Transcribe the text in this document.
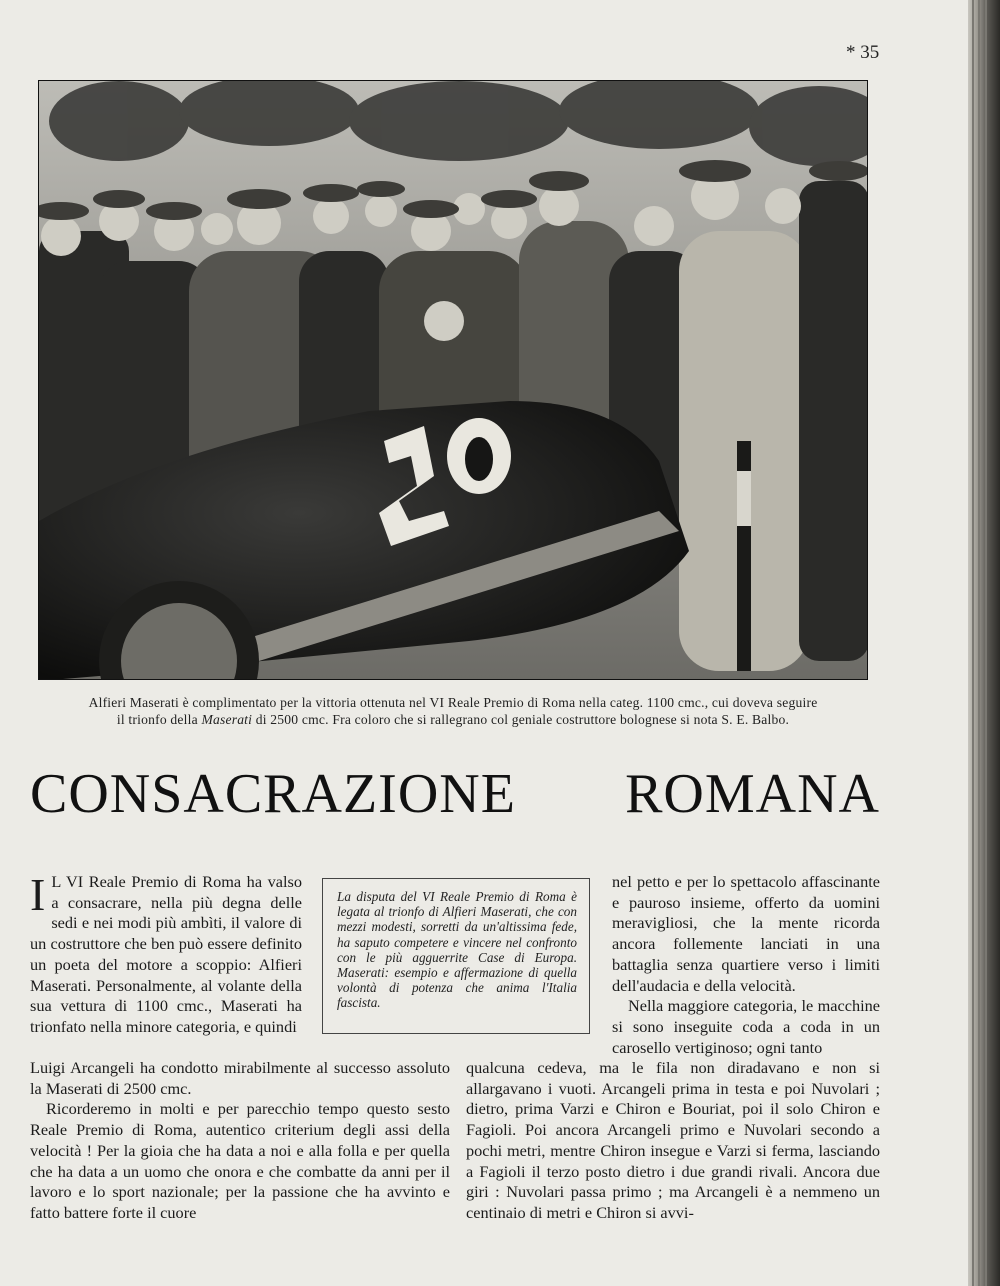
* 35
Alfieri Maserati è complimentato per la vittoria ottenuta nel VI Reale Premio di Roma nella categ. 1100 cmc., cui doveva seguire
il trionfo della Maserati di 2500 cmc. Fra coloro che si rallegrano col geniale costruttore bolognese si nota S. E. Balbo.
CONSACRAZIONE ROMANA
I L VI Reale Premio di Roma ha valso a consacrare, nella più degna delle sedi e nei modi più ambìti, il valore di un costruttore che ben può essere definito un poeta del motore a scoppio: Alfieri Maserati. Personalmente, al volante della sua vettura di 1100 cmc., Maserati ha trionfato nella minore categoria, e quindi
La disputa del VI Reale Premio di Roma è legata al trionfo di Alfieri Maserati, che con mezzi modesti, sorretti da un'altissima fede, ha saputo competere e vincere nel confronto con le più agguerrite Case di Europa. Maserati: esempio e affermazione di quella volontà di potenza che anima l'Italia fascista.

nel petto e per lo spettacolo affascinante e pauroso insieme, offerto da uomini meravigliosi, che la mente ricorda ancora follemente lanciati in una battaglia senza quartiere verso i limiti dell'audacia e della velocità.

Nella maggiore categoria, le macchine si sono inseguite coda a coda in un carosello vertiginoso; ogni tanto

Luigi Arcangeli ha condotto mirabilmente al successo assoluto la Maserati di 2500 cmc.

Ricorderemo in molti e per parecchio tempo questo sesto Reale Premio di Roma, autentico criterium degli assi della velocità ! Per la gioia che ha data a noi e alla folla e per quella che ha data a un uomo che onora e che combatte da anni per il lavoro e lo sport nazionale; per la passione che ha avvinto e fatto battere forte il cuore

qualcuna cedeva, ma le fila non diradavano e non si allargavano i vuoti. Arcangeli prima in testa e poi Nuvolari ; dietro, prima Varzi e Chiron e Bouriat, poi il solo Chiron e Fagioli. Poi ancora Arcangeli primo e Nuvolari secondo a pochi metri, mentre Chiron insegue e Varzi si ferma, lasciando a Fagioli il terzo posto dietro i due grandi rivali. Ancora due giri : Nuvolari passa primo ; ma Arcangeli è a nemmeno un centinaio di metri e Chiron si avvi-
